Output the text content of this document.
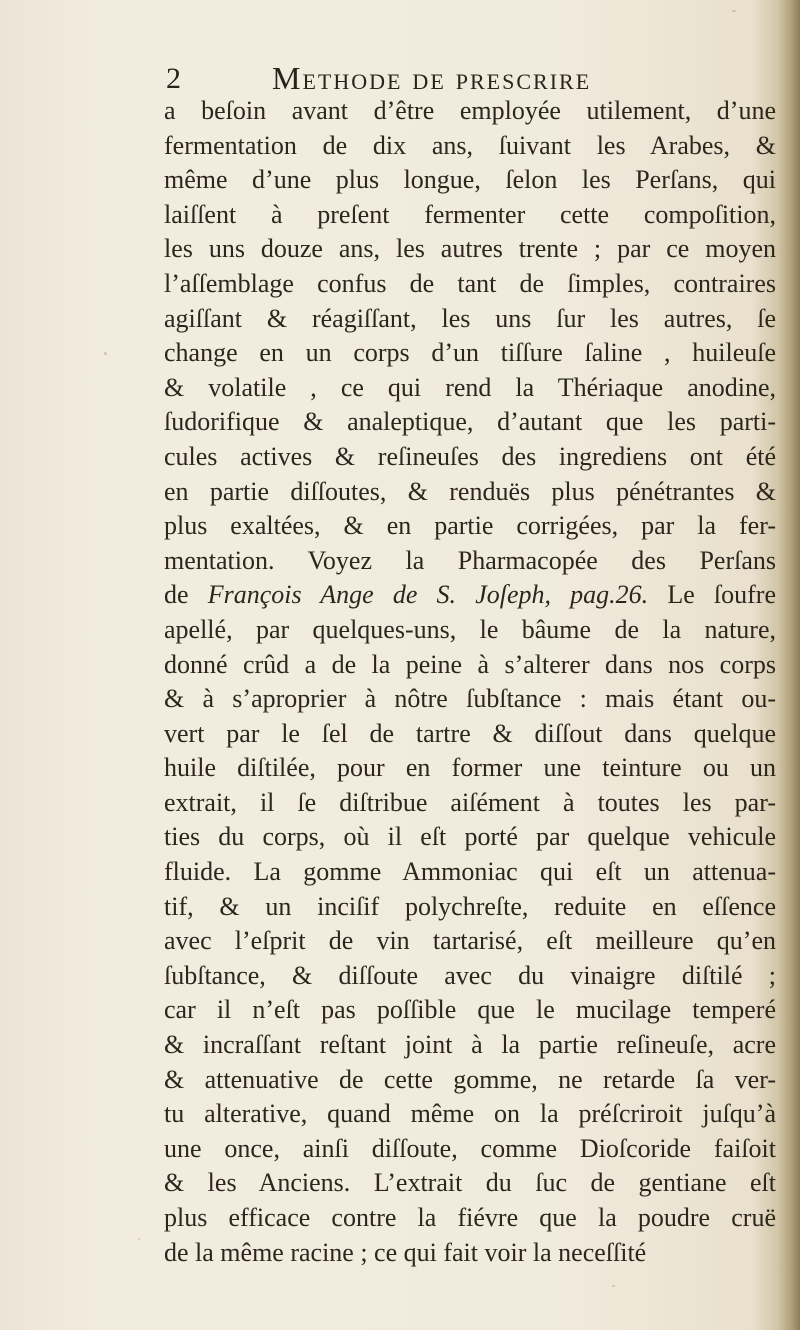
2	Methode de prescrire
a beſoin avant d’être employée utilement, d’une
fermentation de dix ans, ſuivant les Arabes, &
même d’une plus longue, ſelon les Perſans, qui
laiſſent à preſent fermenter cette compoſition,
les uns douze ans, les autres trente ; par ce moyen
l’aſſemblage confus de tant de ſimples, contraires
agiſſant & réagiſſant, les uns ſur les autres, ſe
change en un corps d’un tiſſure ſaline , huileuſe
& volatile , ce qui rend la Thériaque anodine,
ſudorifique & analeptique, d’autant que les parti-
cules actives & reſineuſes des ingrediens ont été
en partie diſſoutes, & renduës plus pénétrantes &
plus exaltées, & en partie corrigées, par la fer-
mentation. Voyez la Pharmacopée des Perſans
de François Ange de S. Joſeph, pag.26. Le ſoufre
apellé, par quelques-uns, le bâume de la nature,
donné crûd a de la peine à s’alterer dans nos corps
& à s’aproprier à nôtre ſubſtance : mais étant ou-
vert par le ſel de tartre & diſſout dans quelque
huile diſtilée, pour en former une teinture ou un
extrait, il ſe diſtribue aiſément à toutes les par-
ties du corps, où il eſt porté par quelque vehicule
fluide. La gomme Ammoniac qui eſt un attenua-
tif, & un inciſif polychreſte, reduite en eſſence
avec l’eſprit de vin tartarisé, eſt meilleure qu’en
ſubſtance, & diſſoute avec du vinaigre diſtilé ;
car il n’eſt pas poſſible que le mucilage temperé
& incraſſant reſtant joint à la partie reſineuſe, acre
& attenuative de cette gomme, ne retarde ſa ver-
tu alterative, quand même on la préſcriroit juſqu’à
une once, ainſi diſſoute, comme Dioſcoride faiſoit
& les Anciens. L’extrait du ſuc de gentiane eſt
plus efficace contre la fiévre que la poudre cruë
de la même racine ; ce qui fait voir la neceſſité
